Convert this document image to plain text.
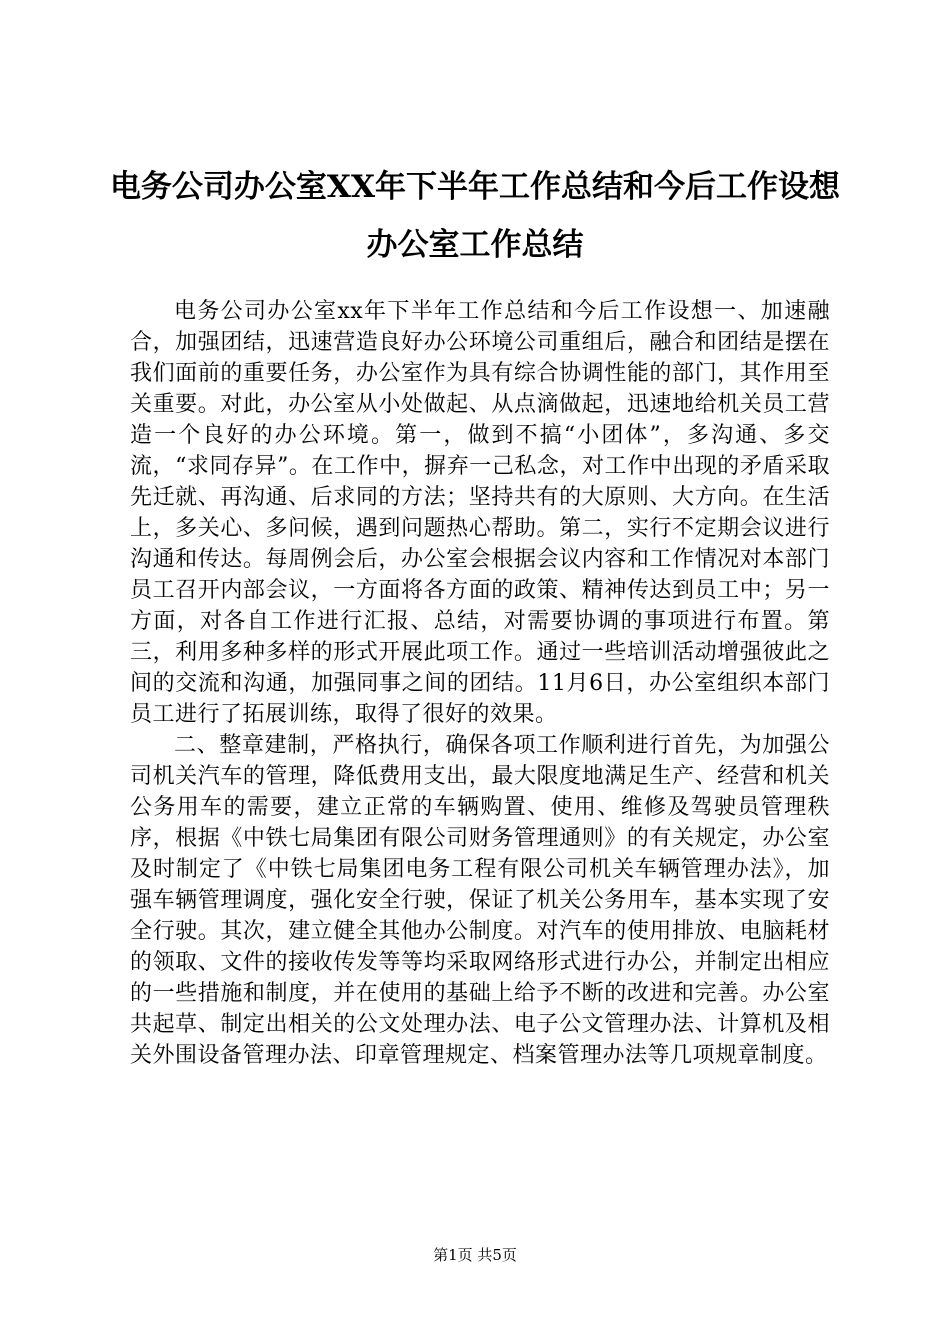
电务公司办公室XX年下半年工作总结和今后工作设想办公室工作总结

电务公司办公室xx年下半年工作总结和今后工作设想一、加速融合，加强团结，迅速营造良好办公环境公司重组后，融合和团结是摆在我们面前的重要任务，办公室作为具有综合协调性能的部门，其作用至关重要。对此，办公室从小处做起、从点滴做起，迅速地给机关员工营造一个良好的办公环境。第一，做到不搞“小团体”，多沟通、多交流，“求同存异”。在工作中，摒弃一己私念，对工作中出现的矛盾采取先迁就、再沟通、后求同的方法；坚持共有的大原则、大方向。在生活上，多关心、多问候，遇到问题热心帮助。第二，实行不定期会议进行沟通和传达。每周例会后，办公室会根据会议内容和工作情况对本部门员工召开内部会议，一方面将各方面的政策、精神传达到员工中；另一方面，对各自工作进行汇报、总结，对需要协调的事项进行布置。第三，利用多种多样的形式开展此项工作。通过一些培训活动增强彼此之间的交流和沟通，加强同事之间的团结。11月6日，办公室组织本部门员工进行了拓展训练，取得了很好的效果。

二、整章建制，严格执行，确保各项工作顺利进行首先，为加强公司机关汽车的管理，降低费用支出，最大限度地满足生产、经营和机关公务用车的需要，建立正常的车辆购置、使用、维修及驾驶员管理秩序，根据《中铁七局集团有限公司财务管理通则》的有关规定，办公室及时制定了《中铁七局集团电务工程有限公司机关车辆管理办法》，加强车辆管理调度，强化安全行驶，保证了机关公务用车，基本实现了安全行驶。其次，建立健全其他办公制度。对汽车的使用排放、电脑耗材的领取、文件的接收传发等等均采取网络形式进行办公，并制定出相应的一些措施和制度，并在使用的基础上给予不断的改进和完善。办公室共起草、制定出相关的公文处理办法、电子公文管理办法、计算机及相关外围设备管理办法、印章管理规定、档案管理办法等几项规章制度。

第1页 共5页
